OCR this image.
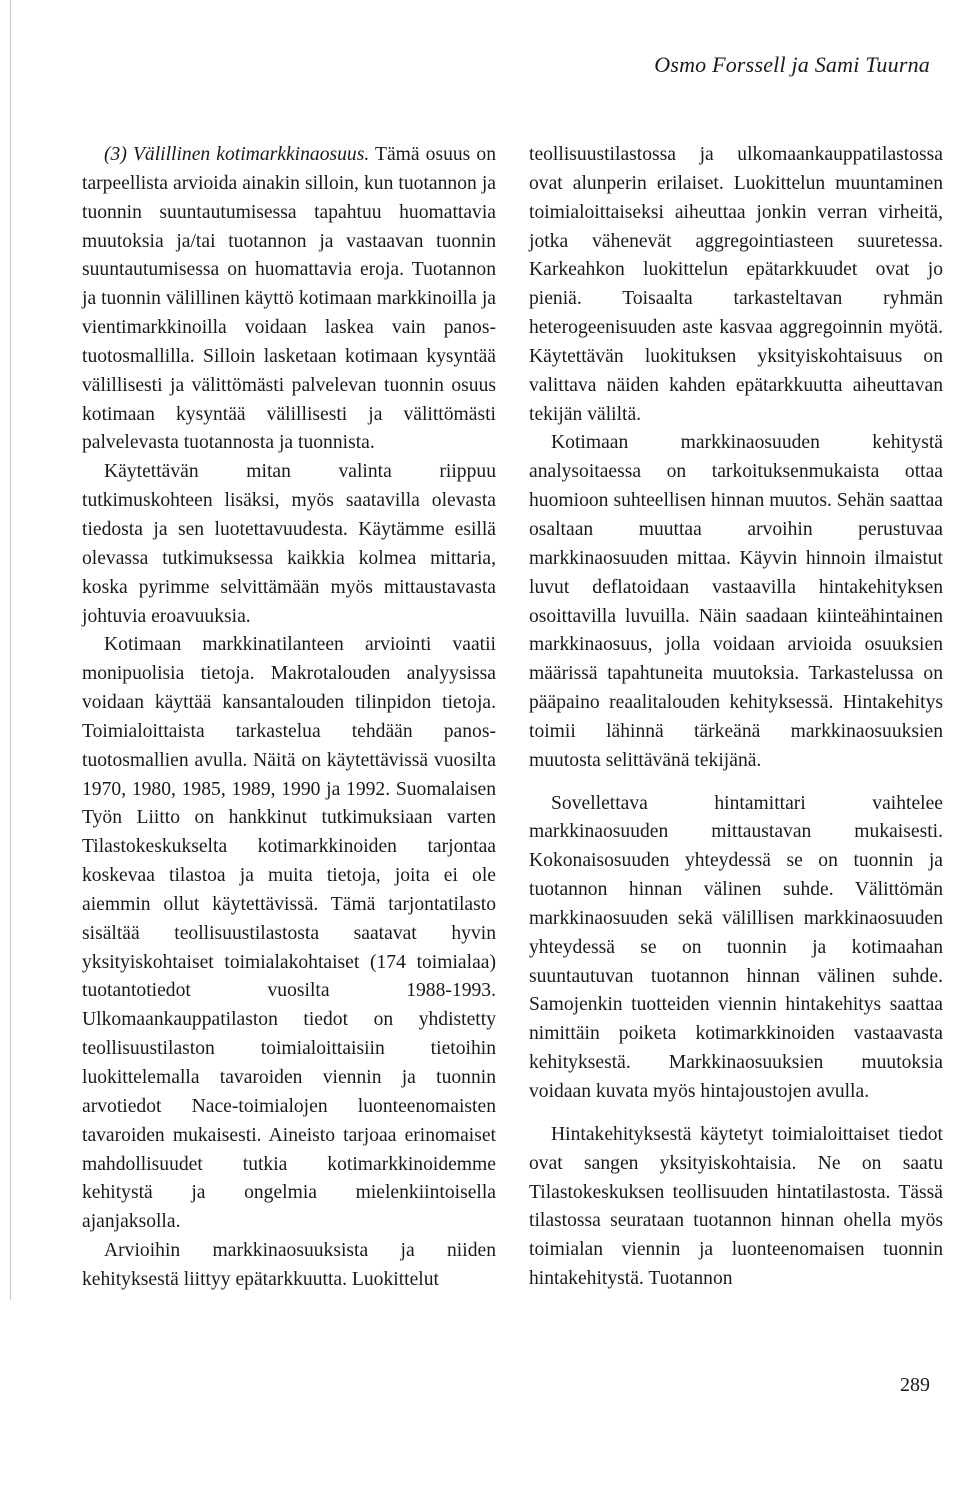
Osmo Forssell ja Sami Tuurna

(3) Välillinen kotimarkkinaosuus. Tämä osuus on tarpeellista arvioida ainakin silloin, kun tuotannon ja tuonnin suuntautumisessa tapahtuu huomattavia muutoksia ja/tai tuotannon ja vastaavan tuonnin suuntautumisessa on huomattavia eroja. Tuotannon ja tuonnin välillinen käyttö kotimaan markkinoilla ja vientimarkkinoilla voidaan laskea vain panos-tuotosmallilla. Silloin lasketaan kotimaan kysyntää välillisesti ja välittömästi palvelevan tuonnin osuus kotimaan kysyntää välillisesti ja välittömästi palvelevasta tuotannosta ja tuonnista.

Käytettävän mitan valinta riippuu tutkimuskohteen lisäksi, myös saatavilla olevasta tiedosta ja sen luotettavuudesta. Käytämme esillä olevassa tutkimuksessa kaikkia kolmea mittaria, koska pyrimme selvittämään myös mittaustavasta johtuvia eroavuuksia.

Kotimaan markkinatilanteen arviointi vaatii monipuolisia tietoja. Makrotalouden analyysissa voidaan käyttää kansantalouden tilinpidon tietoja. Toimialoittaista tarkastelua tehdään panos-tuotosmallien avulla. Näitä on käytettävissä vuosilta 1970, 1980, 1985, 1989, 1990 ja 1992. Suomalaisen Työn Liitto on hankkinut tutkimuksiaan varten Tilastokeskukselta kotimarkkinoiden tarjontaa koskevaa tilastoa ja muita tietoja, joita ei ole aiemmin ollut käytettävissä. Tämä tarjontatilasto sisältää teollisuustilastosta saatavat hyvin yksityiskohtaiset toimialakohtaiset (174 toimialaa) tuotantotiedot vuosilta 1988-1993. Ulkomaankauppatilaston tiedot on yhdistetty teollisuustilaston toimialoittaisiin tietoihin luokittelemalla tavaroiden viennin ja tuonnin arvotiedot Nace-toimialojen luonteenomaisten tavaroiden mukaisesti. Aineisto tarjoaa erinomaiset mahdollisuudet tutkia kotimarkkinoidemme kehitystä ja ongelmia mielenkiintoisella ajanjaksolla.

Arvioihin markkinaosuuksista ja niiden kehityksestä liittyy epätarkkuutta. Luokittelut

teollisuustilastossa ja ulkomaankauppatilastossa ovat alunperin erilaiset. Luokittelun muuntaminen toimialoittaiseksi aiheuttaa jonkin verran virheitä, jotka vähenevät aggregointiasteen suuretessa. Karkeahkon luokittelun epätarkkuudet ovat jo pieniä. Toisaalta tarkasteltavan ryhmän heterogeenisuuden aste kasvaa aggregoinnin myötä. Käytettävän luokituksen yksityiskohtaisuus on valittava näiden kahden epätarkkuutta aiheuttavan tekijän väliltä.

Kotimaan markkinaosuuden kehitystä analysoitaessa on tarkoituksenmukaista ottaa huomioon suhteellisen hinnan muutos. Sehän saattaa osaltaan muuttaa arvoihin perustuvaa markkinaosuuden mittaa. Käyvin hinnoin ilmaistut luvut deflatoidaan vastaavilla hintakehityksen osoittavilla luvuilla. Näin saadaan kiinteähintainen markkinaosuus, jolla voidaan arvioida osuuksien määrissä tapahtuneita muutoksia. Tarkastelussa on pääpaino reaalitalouden kehityksessä. Hintakehitys toimii lähinnä tärkeänä markkinaosuuksien muutosta selittävänä tekijänä.

Sovellettava hintamittari vaihtelee markkinaosuuden mittaustavan mukaisesti. Kokonaisosuuden yhteydessä se on tuonnin ja tuotannon hinnan välinen suhde. Välittömän markkinaosuuden sekä välillisen markkinaosuuden yhteydessä se on tuonnin ja kotimaahan suuntautuvan tuotannon hinnan välinen suhde. Samojenkin tuotteiden viennin hintakehitys saattaa nimittäin poiketa kotimarkkinoiden vastaavasta kehityksestä. Markkinaosuuksien muutoksia voidaan kuvata myös hintajoustojen avulla.

Hintakehityksestä käytetyt toimialoittaiset tiedot ovat sangen yksityiskohtaisia. Ne on saatu Tilastokeskuksen teollisuuden hintatilastosta. Tässä tilastossa seurataan tuotannon hinnan ohella myös toimialan viennin ja luonteenomaisen tuonnin hintakehitystä. Tuotannon

289
